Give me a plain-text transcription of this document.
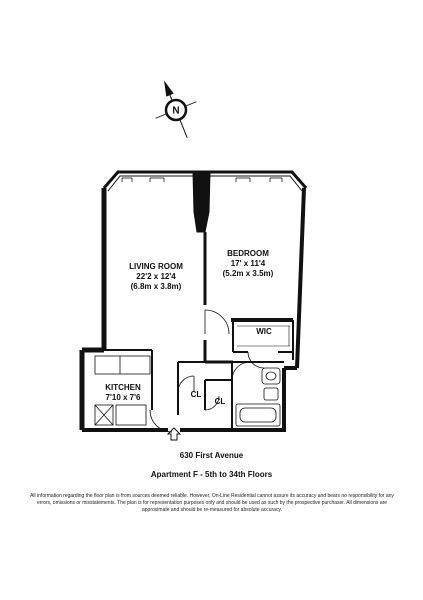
N
LIVING ROOM
22'2 x 12'4
(6.8m x 3.8m)
BEDROOM
17' x 11'4
(5.2m x 3.5m)
KITCHEN
7'10 x 7'6
WIC
CL
CL
630 First Avenue
Apartment F - 5th to 34th Floors
All information regarding the floor plan is from sources deemed reliable. However, On-Line Residential cannot assure its accuracy and bears no responsibility for any errors, omissions or misstatements. The plan is for representation purposes only and should be used as such by the prospective purchaser. All dimensions are approximate and should be re-measured for absolute accuracy.
